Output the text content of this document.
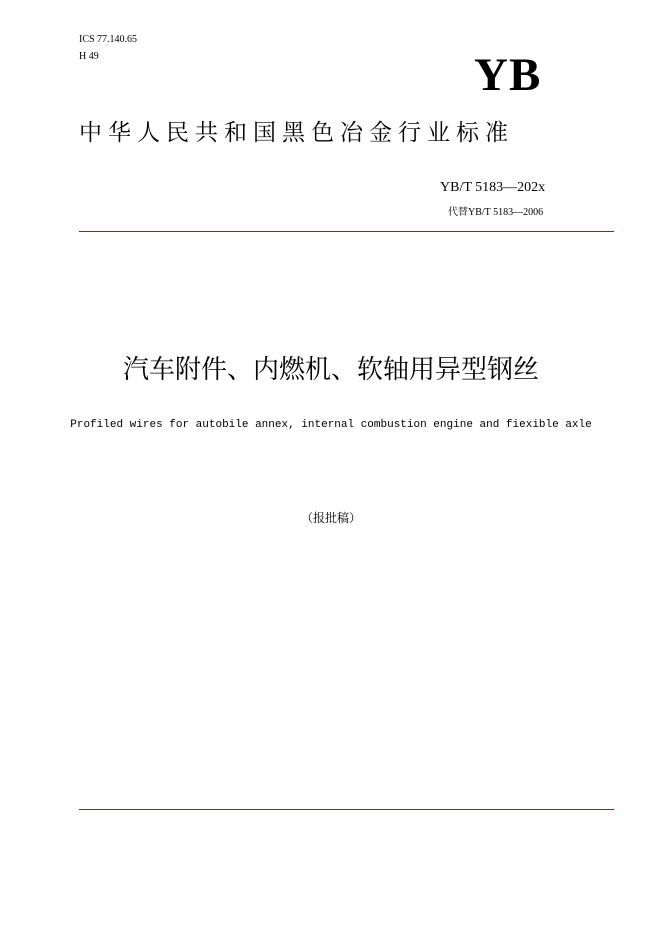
ICS 77.140.65
H 49	YB
中华人民共和国黑色冶金行业标准
YB/T 5183—202x
代替YB/T 5183—2006
汽车附件、内燃机、软轴用异型钢丝
Profiled wires for autobile annex, internal combustion engine and fiexible axle
（报批稿）
